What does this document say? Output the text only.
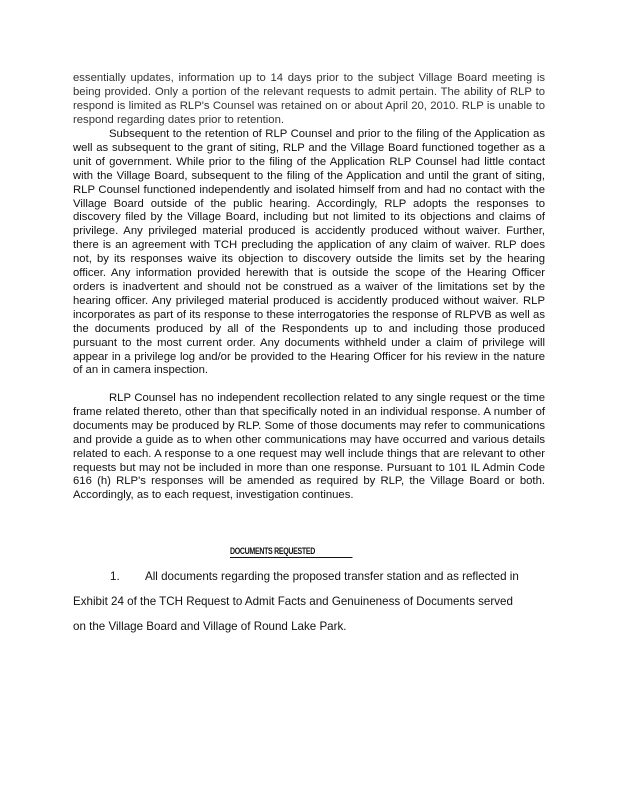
essentially updates, information up to 14 days prior to the subject Village Board meeting is being provided. Only a portion of the relevant requests to admit pertain. The ability of RLP to respond is limited as RLP's Counsel was retained on or about April 20, 2010. RLP is unable to respond regarding dates prior to retention.

Subsequent to the retention of RLP Counsel and prior to the filing of the Application as well as subsequent to the grant of siting, RLP and the Village Board functioned together as a unit of government. While prior to the filing of the Application RLP Counsel had little contact with the Village Board, subsequent to the filing of the Application and until the grant of siting, RLP Counsel functioned independently and isolated himself from and had no contact with the Village Board outside of the public hearing. Accordingly, RLP adopts the responses to discovery filed by the Village Board, including but not limited to its objections and claims of privilege. Any privileged material produced is accidently produced without waiver. Further, there is an agreement with TCH precluding the application of any claim of waiver. RLP does not, by its responses waive its objection to discovery outside the limits set by the hearing officer. Any information provided herewith that is outside the scope of the Hearing Officer orders is inadvertent and should not be construed as a waiver of the limitations set by the hearing officer. Any privileged material produced is accidently produced without waiver. RLP incorporates as part of its response to these interrogatories the response of RLPVB as well as the documents produced by all of the Respondents up to and including those produced pursuant to the most current order. Any documents withheld under a claim of privilege will appear in a privilege log and/or be provided to the Hearing Officer for his review in the nature of an in camera inspection.

RLP Counsel has no independent recollection related to any single request or the time frame related thereto, other than that specifically noted in an individual response. A number of documents may be produced by RLP. Some of those documents may refer to communications and provide a guide as to when other communications may have occurred and various details related to each. A response to a one request may well include things that are relevant to other requests but may not be included in more than one response. Pursuant to 101 IL Admin Code 616 (h) RLP's responses will be amended as required by RLP, the Village Board or both. Accordingly, as to each request, investigation continues.

DOCUMENTS REQUESTED
1. All documents regarding the proposed transfer station and as reflected in
Exhibit 24 of the TCH Request to Admit Facts and Genuineness of Documents served
on the Village Board and Village of Round Lake Park.
